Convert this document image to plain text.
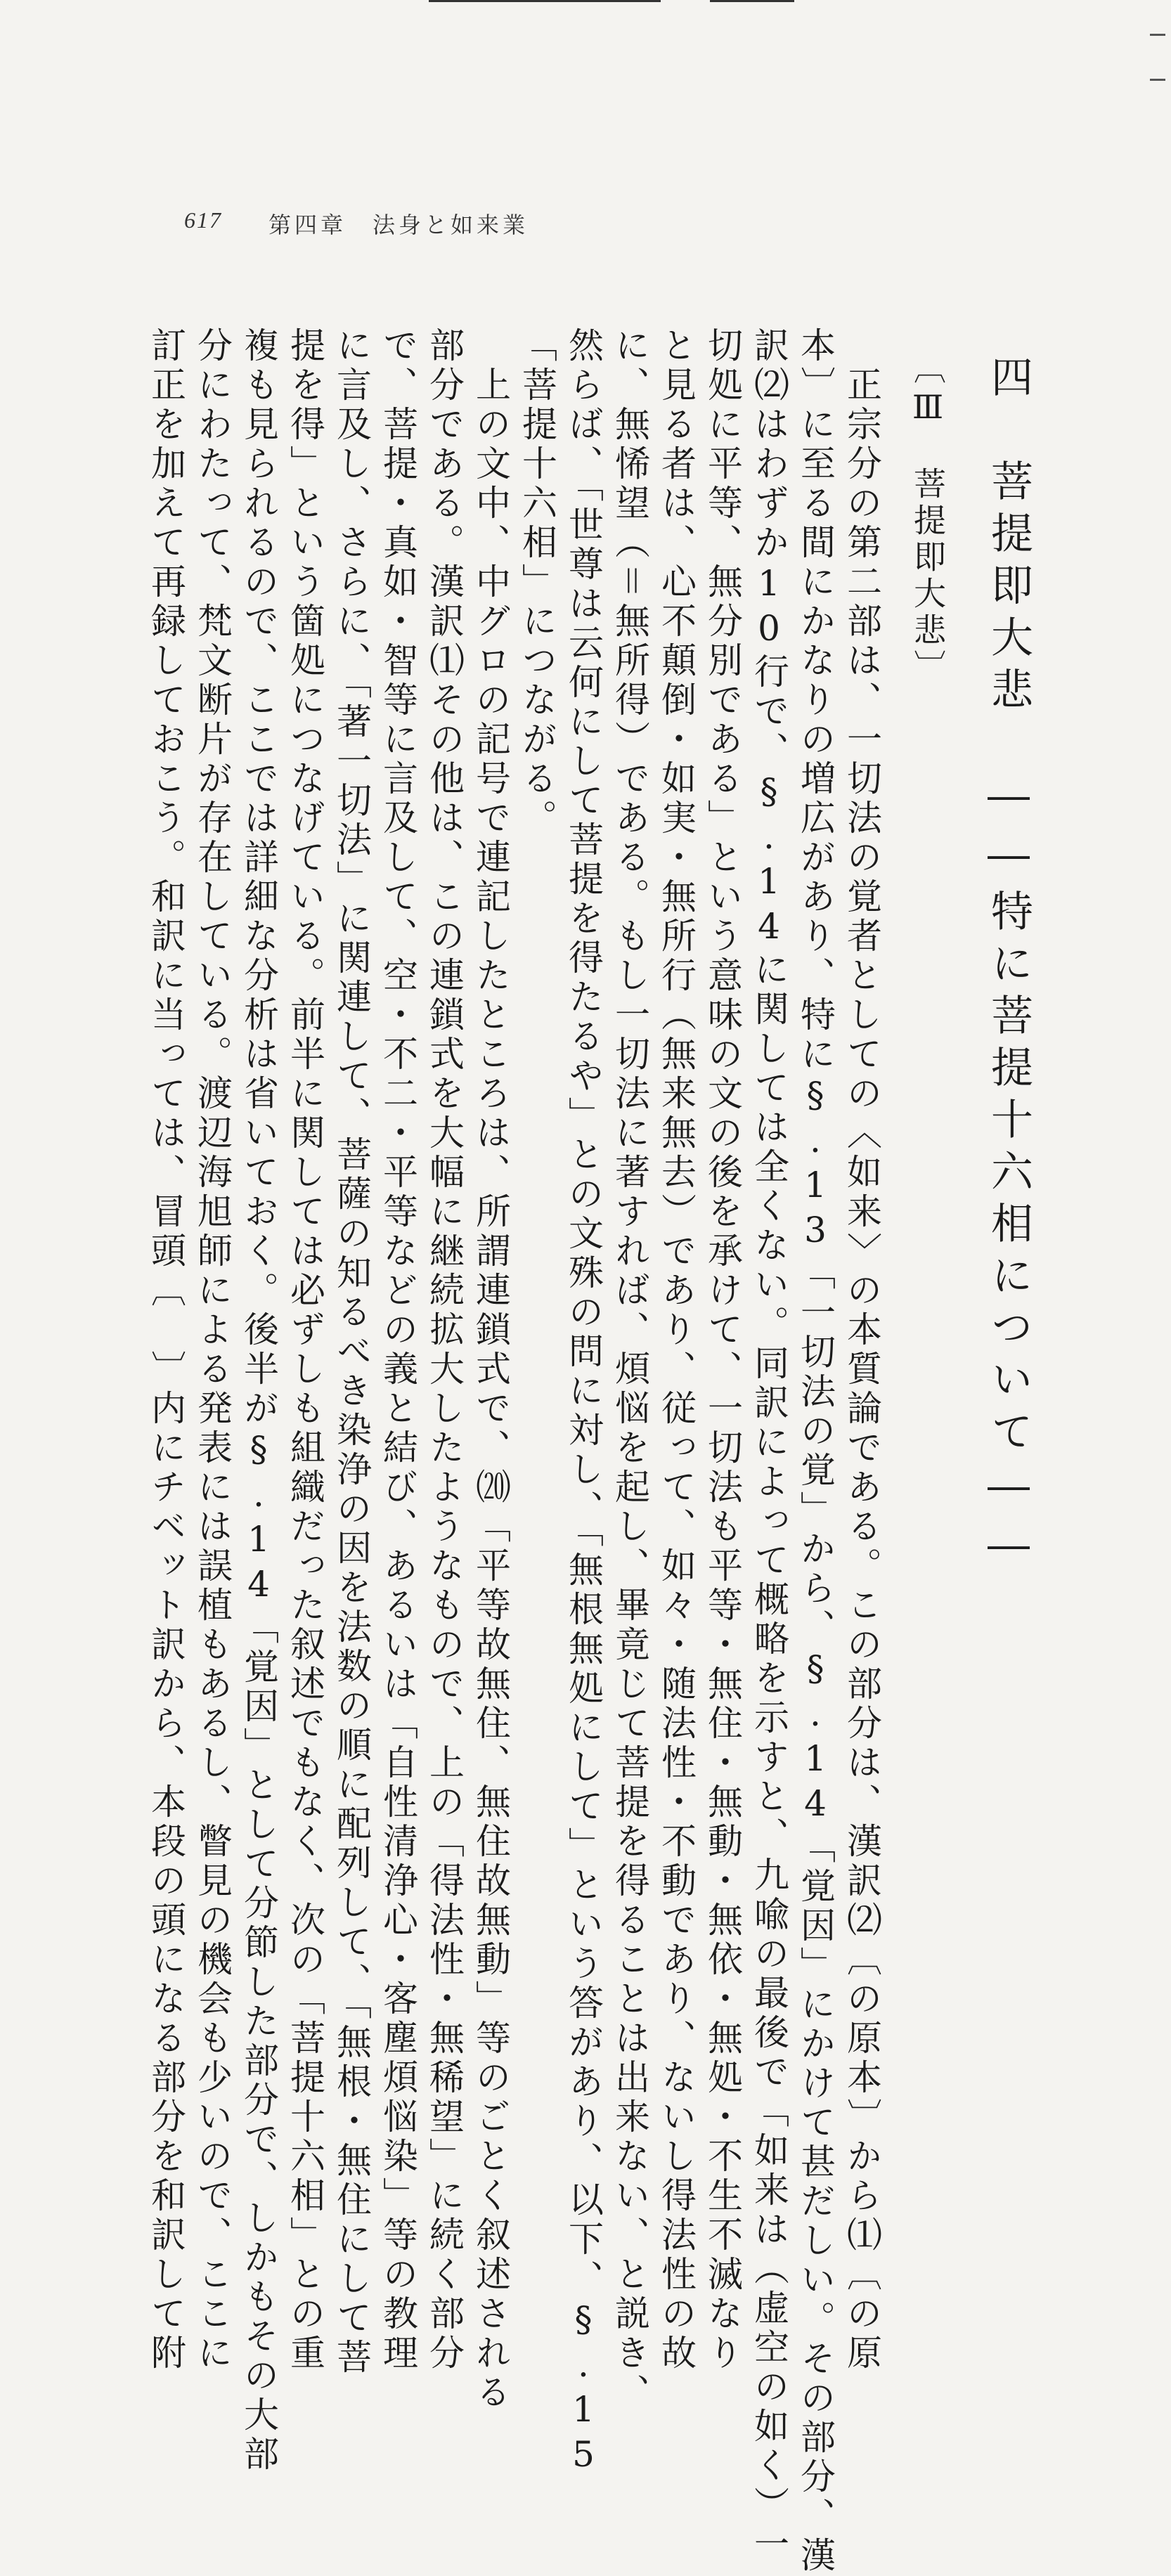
617 第四章　法身と如来業
四　菩提即大悲　――特に菩提十六相について――
〔Ⅲ　菩提即大悲〕
　正宗分の第二部は、一切法の覚者としての〈如来〉の本質論である。この部分は、漢訳⑵〔の原本〕から⑴〔の原
本〕に至る間にかなりの増広があり、特に§.13「一切法の覚」から、§.14「覚因」にかけて甚だしい。その部分、漢
訳⑵はわずか10行で、§.14に関しては全くない。同訳によって概略を示すと、九喩の最後で「如来は（虚空の如く）一
切処に平等、無分別である」という意味の文の後を承けて、一切法も平等・無住・無動・無依・無処・不生不滅なり
と見る者は、心不顛倒・如実・無所行（無来無去）であり、従って、如々・随法性・不動であり、ないし得法性の故
に、無悕望（＝無所得）である。もし一切法に著すれば、煩悩を起し、畢竟じて菩提を得ることは出来ない、と説き、
然らば、「世尊は云何にして菩提を得たるや」との文殊の問に対し、「無根無処にして」という答があり、以下、§.15
「菩提十六相」につながる。
　上の文中、中グロの記号で連記したところは、所謂連鎖式で、⒇「平等故無住、無住故無動」等のごとく叙述される
部分である。漢訳⑴その他は、この連鎖式を大幅に継続拡大したようなもので、上の「得法性・無稀望」に続く部分
で、菩提・真如・智等に言及して、空・不二・平等などの義と結び、あるいは「自性清浄心・客塵煩悩染」等の教理
に言及し、さらに、「著一切法」に関連して、菩薩の知るべき染浄の因を法数の順に配列して、「無根・無住にして菩
提を得」という箇処につなげている。前半に関しては必ずしも組織だった叙述でもなく、次の「菩提十六相」との重
複も見られるので、ここでは詳細な分析は省いておく。後半が§.14「覚因」として分節した部分で、しかもその大部
分にわたって、梵文断片が存在している。渡辺海旭師による発表には誤植もあるし、瞥見の機会も少いので、ここに
訂正を加えて再録しておこう。和訳に当っては、冒頭〔　〕内にチベット訳から、本段の頭になる部分を和訳して附
